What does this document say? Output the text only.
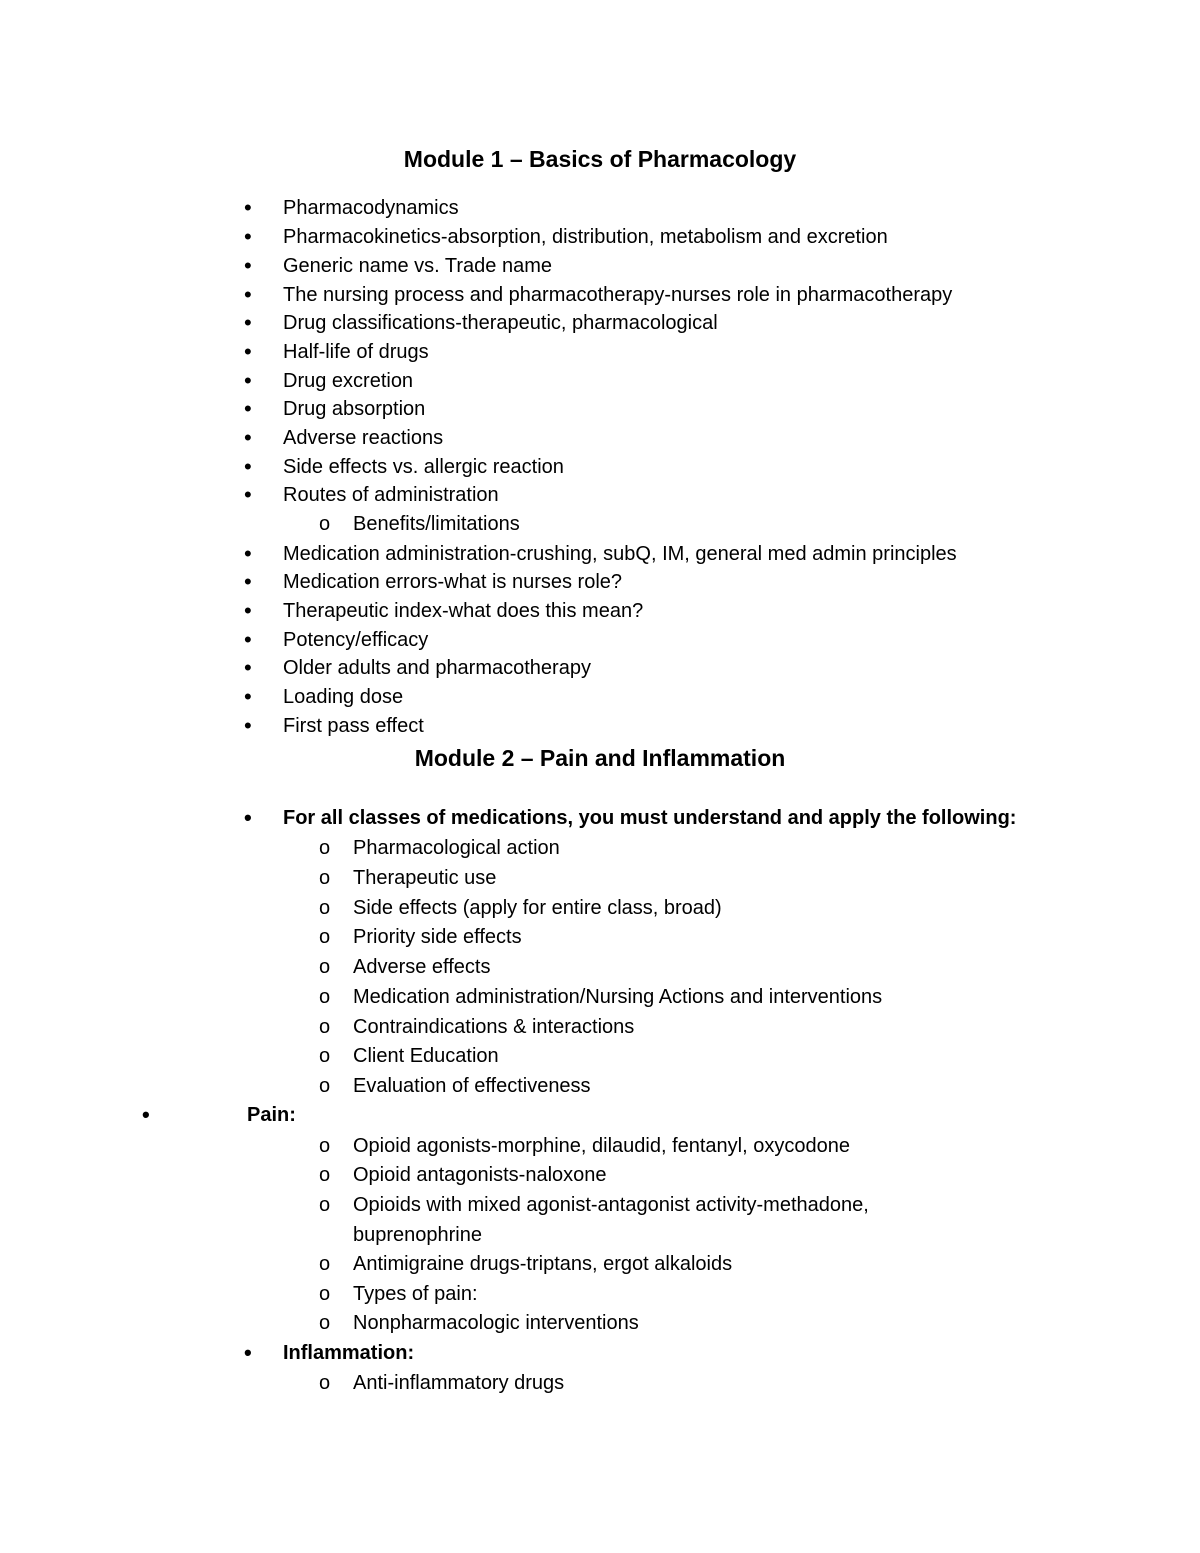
Module 1 – Basics of Pharmacology
• Pharmacodynamics
• Pharmacokinetics-absorption, distribution, metabolism and excretion
• Generic name vs. Trade name
• The nursing process and pharmacotherapy-nurses role in pharmacotherapy
• Drug classifications-therapeutic, pharmacological
• Half-life of drugs
• Drug excretion
• Drug absorption
• Adverse reactions
• Side effects vs. allergic reaction
• Routes of administration
o Benefits/limitations
• Medication administration-crushing, subQ, IM, general med admin principles
• Medication errors-what is nurses role?
• Therapeutic index-what does this mean?
• Potency/efficacy
• Older adults and pharmacotherapy
• Loading dose
• First pass effect
Module 2 – Pain and Inflammation
• For all classes of medications, you must understand and apply the following:
o Pharmacological action
o Therapeutic use
o Side effects (apply for entire class, broad)
o Priority side effects
o Adverse effects
o Medication administration/Nursing Actions and interventions
o Contraindications & interactions
o Client Education
o Evaluation of effectiveness
•	Pain:
o Opioid agonists-morphine, dilaudid, fentanyl, oxycodone
o Opioid antagonists-naloxone
o Opioids with mixed agonist-antagonist activity-methadone,
buprenophrine
o Antimigraine drugs-triptans, ergot alkaloids
o Types of pain:
o Nonpharmacologic interventions
• Inflammation:
o Anti-inflammatory drugs
